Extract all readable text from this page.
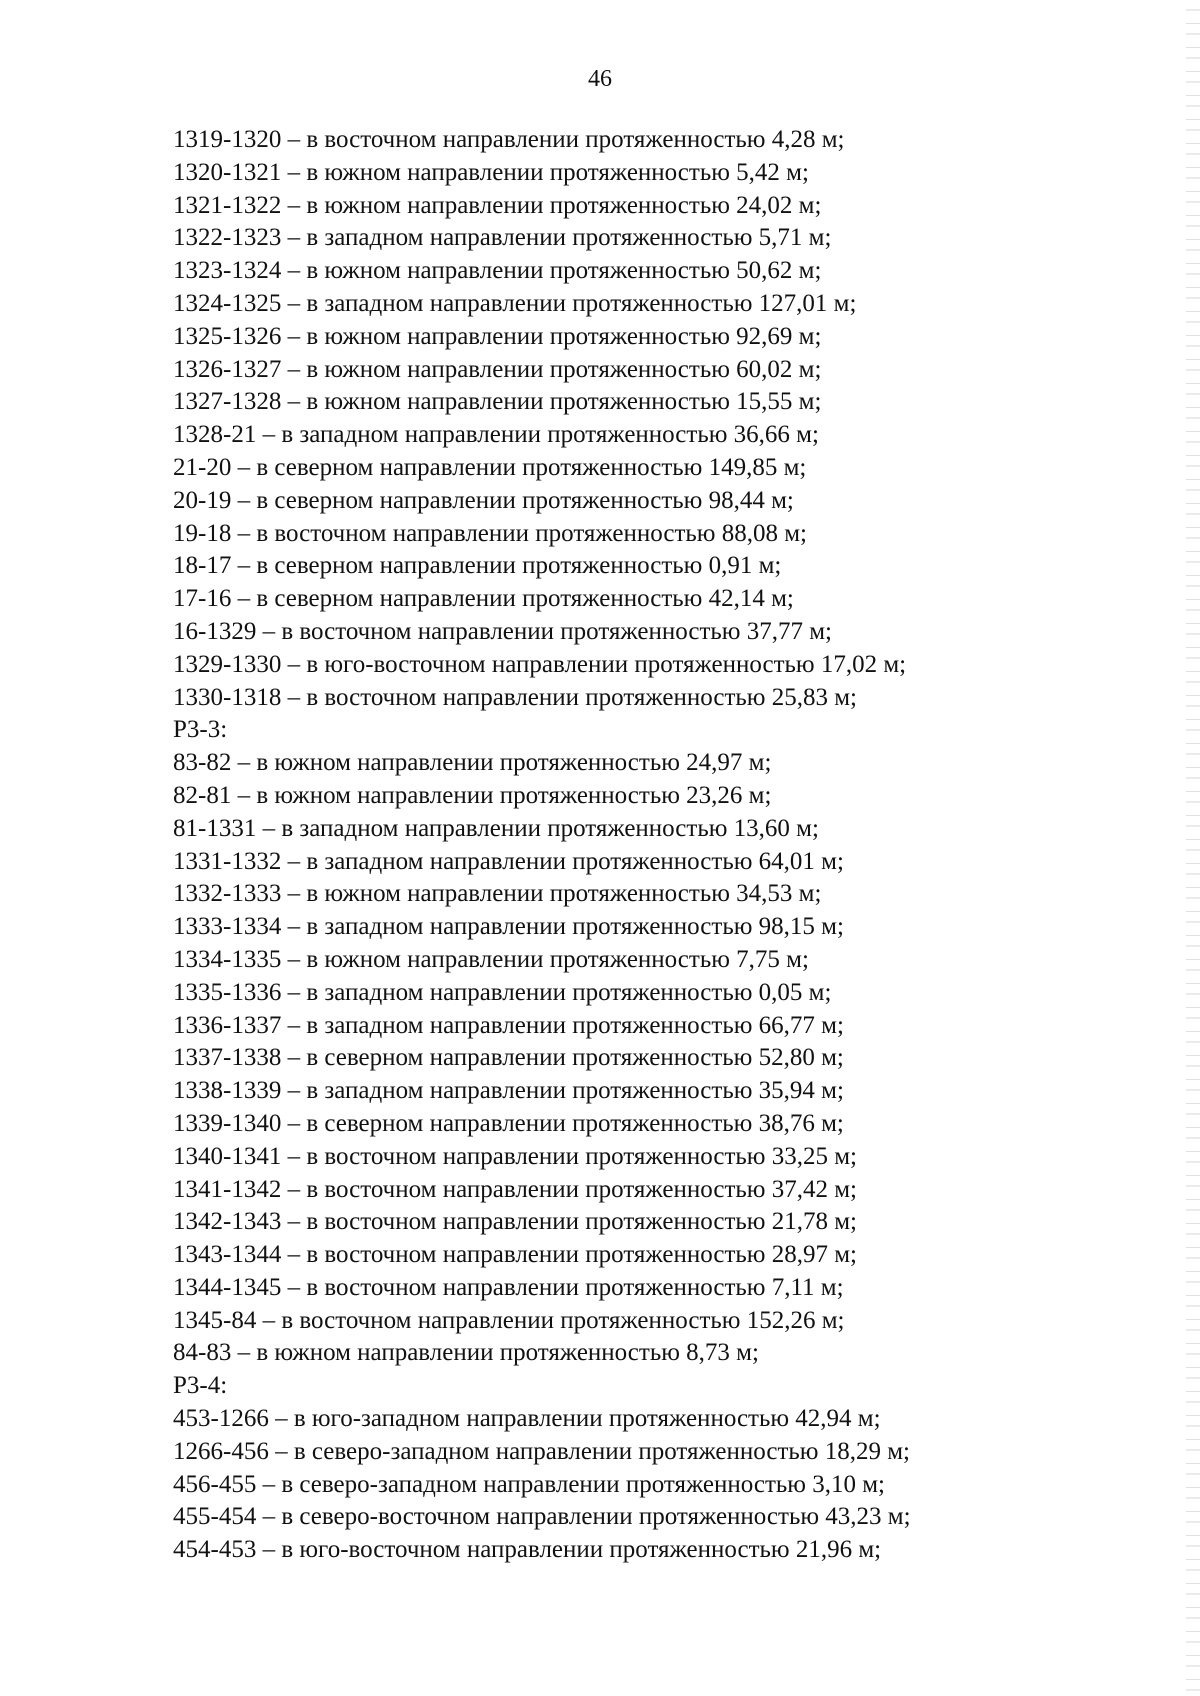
46
1319-1320 – в восточном направлении протяженностью 4,28 м;
1320-1321 – в южном направлении протяженностью 5,42 м;
1321-1322 – в южном направлении протяженностью 24,02 м;
1322-1323 – в западном направлении протяженностью 5,71 м;
1323-1324 – в южном направлении протяженностью 50,62 м;
1324-1325 – в западном направлении протяженностью 127,01 м;
1325-1326 – в южном направлении протяженностью 92,69 м;
1326-1327 – в южном направлении протяженностью 60,02 м;
1327-1328 – в южном направлении протяженностью 15,55 м;
1328-21 – в западном направлении протяженностью 36,66 м;
21-20 – в северном направлении протяженностью 149,85 м;
20-19 – в северном направлении протяженностью 98,44 м;
19-18 – в восточном направлении протяженностью 88,08 м;
18-17 – в северном направлении протяженностью 0,91 м;
17-16 – в северном направлении протяженностью 42,14 м;
16-1329 – в восточном направлении протяженностью 37,77 м;
1329-1330 – в юго-восточном направлении протяженностью 17,02 м;
1330-1318 – в восточном направлении протяженностью 25,83 м;
Р3-3:
83-82 – в южном направлении протяженностью 24,97 м;
82-81 – в южном направлении протяженностью 23,26 м;
81-1331 – в западном направлении протяженностью 13,60 м;
1331-1332 – в западном направлении протяженностью 64,01 м;
1332-1333 – в южном направлении протяженностью 34,53 м;
1333-1334 – в западном направлении протяженностью 98,15 м;
1334-1335 – в южном направлении протяженностью 7,75 м;
1335-1336 – в западном направлении протяженностью 0,05 м;
1336-1337 – в западном направлении протяженностью 66,77 м;
1337-1338 – в северном направлении протяженностью 52,80 м;
1338-1339 – в западном направлении протяженностью 35,94 м;
1339-1340 – в северном направлении протяженностью 38,76 м;
1340-1341 – в восточном направлении протяженностью 33,25 м;
1341-1342 – в восточном направлении протяженностью 37,42 м;
1342-1343 – в восточном направлении протяженностью 21,78 м;
1343-1344 – в восточном направлении протяженностью 28,97 м;
1344-1345 – в восточном направлении протяженностью 7,11 м;
1345-84 – в восточном направлении протяженностью 152,26 м;
84-83 – в южном направлении протяженностью 8,73 м;
Р3-4:
453-1266 – в юго-западном направлении протяженностью 42,94 м;
1266-456 – в северо-западном направлении протяженностью 18,29 м;
456-455 – в северо-западном направлении протяженностью 3,10 м;
455-454 – в северо-восточном направлении протяженностью 43,23 м;
454-453 – в юго-восточном направлении протяженностью 21,96 м;
